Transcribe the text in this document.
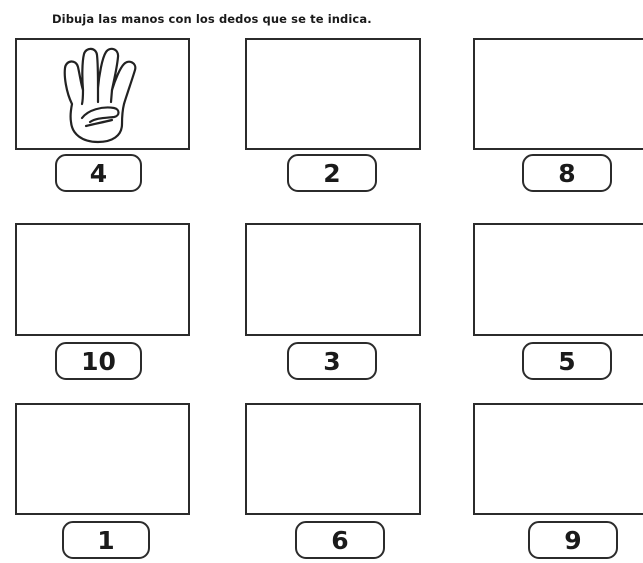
Dibuja las manos con los dedos que se te indica.
4	2	8
10	3	5
1	6	9
